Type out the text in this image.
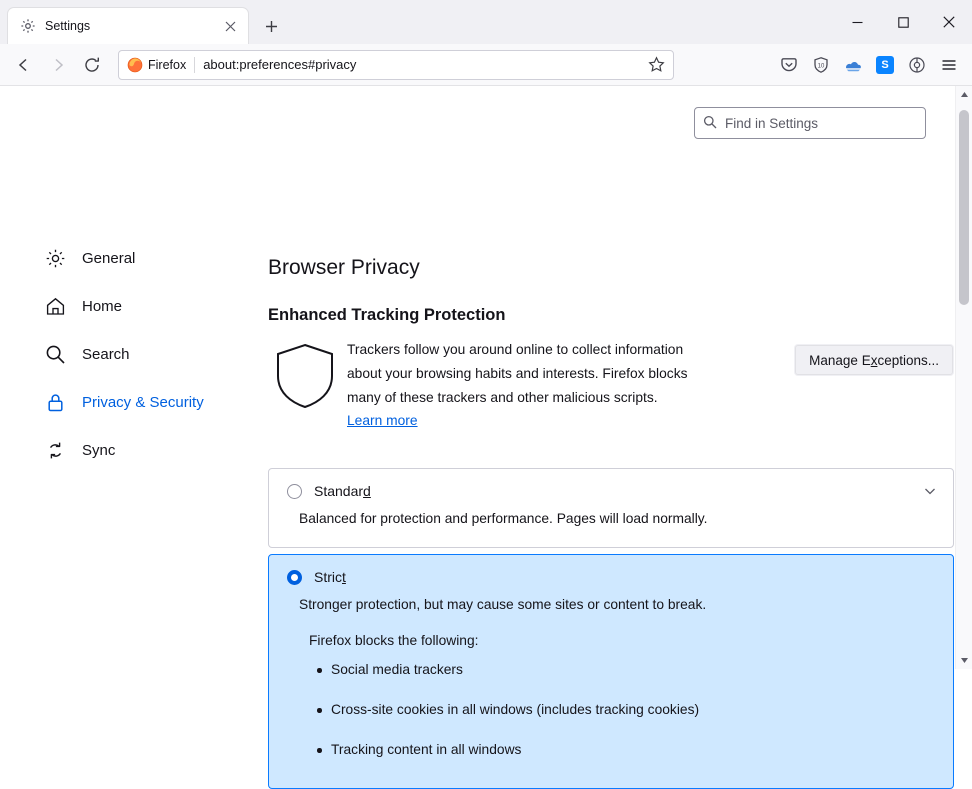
Settings
Firefox about:preferences#privacy	10	S
Find in Settings
General
Home
Search
Privacy & Security
Sync
Browser Privacy
Enhanced Tracking Protection

Trackers follow you around online to collect information about your browsing habits and interests. Firefox blocks many of these trackers and other malicious scripts.

Learn more
Manage E x ceptions...
Standard
Balanced for protection and performance. Pages will load normally.
Strict
Stronger protection, but may cause some sites or content to break.
Firefox blocks the following:
Social media trackers
Cross-site cookies in all windows (includes tracking cookies)
Tracking content in all windows
